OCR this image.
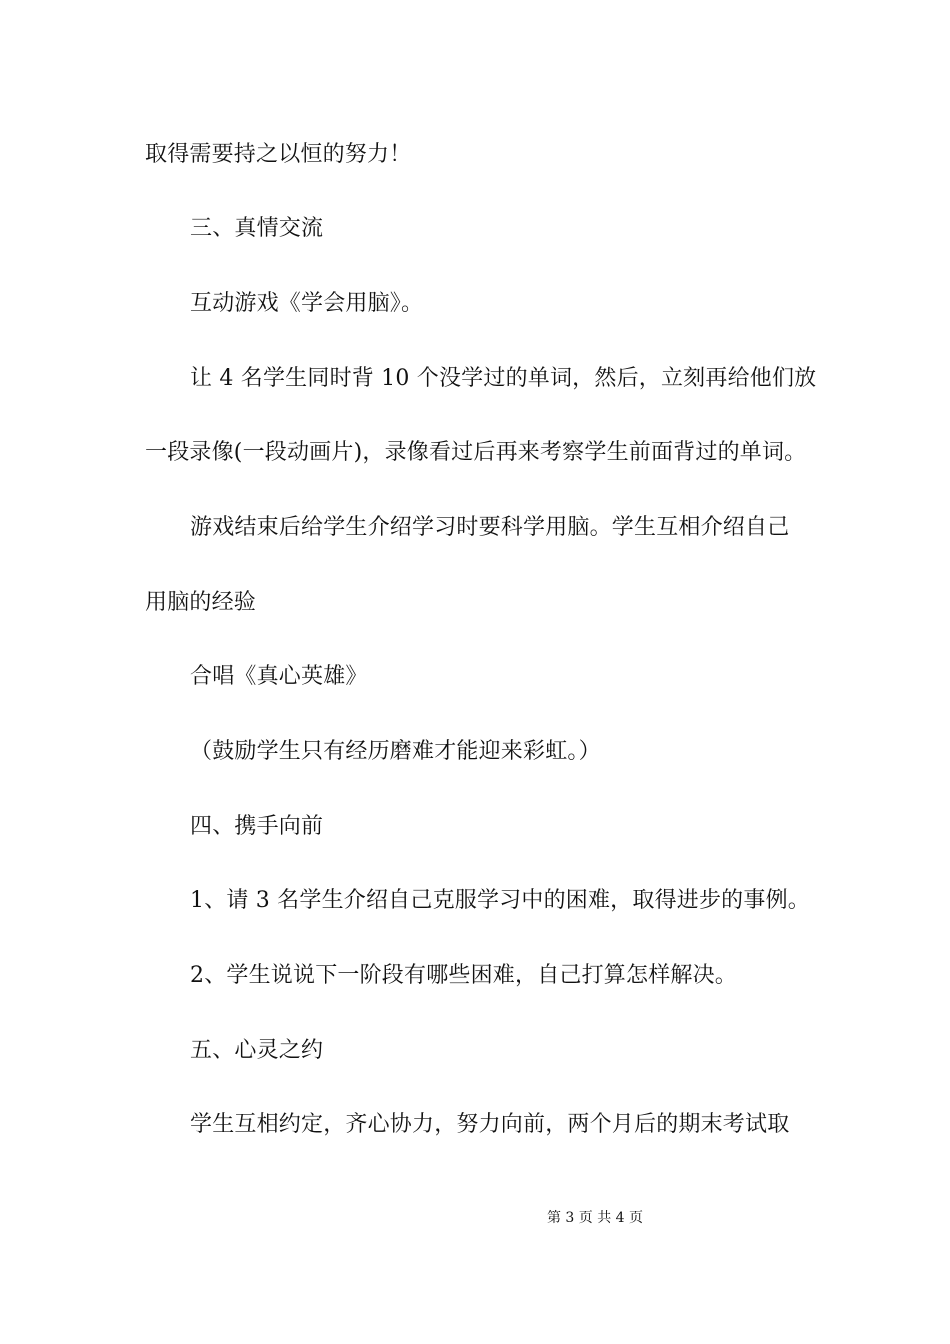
取得需要持之以恒的努力！

三、真情交流

互动游戏《学会用脑》。

让 4 名学生同时背 10 个没学过的单词，然后，立刻再给他们放

一段录像(一段动画片)，录像看过后再来考察学生前面背过的单词。

游戏结束后给学生介绍学习时要科学用脑。学生互相介绍自己

用脑的经验

合唱《真心英雄》

（鼓励学生只有经历磨难才能迎来彩虹。）

四、携手向前

1、请 3 名学生介绍自己克服学习中的困难，取得进步的事例。

2、学生说说下一阶段有哪些困难，自己打算怎样解决。

五、心灵之约

学生互相约定，齐心协力，努力向前，两个月后的期末考试取

第 3 页 共 4 页
